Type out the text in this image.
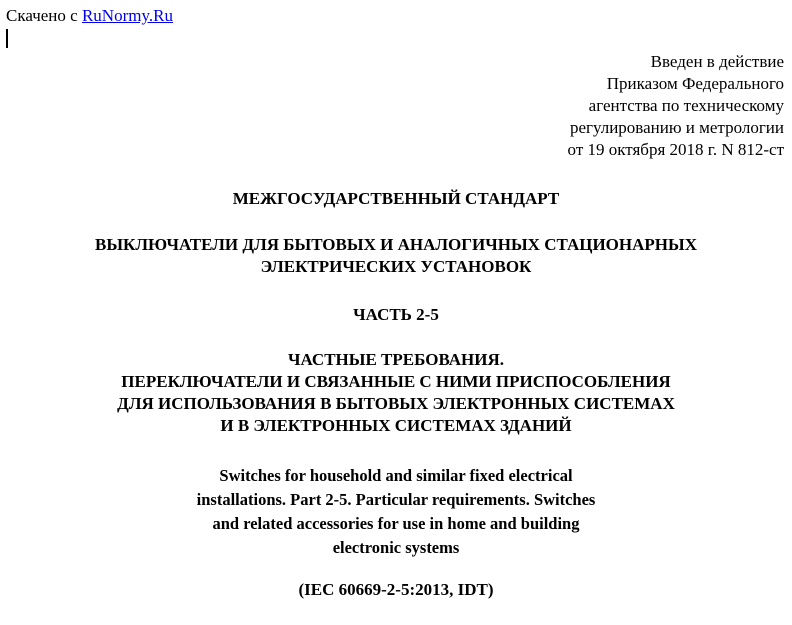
Скачено с RuNormy.Ru
Введен в действие
Приказом Федерального
агентства по техническому
регулированию и метрологии
от 19 октября 2018 г. N 812-ст
МЕЖГОСУДАРСТВЕННЫЙ СТАНДАРТ
ВЫКЛЮЧАТЕЛИ ДЛЯ БЫТОВЫХ И АНАЛОГИЧНЫХ СТАЦИОНАРНЫХ
ЭЛЕКТРИЧЕСКИХ УСТАНОВОК
ЧАСТЬ 2-5
ЧАСТНЫЕ ТРЕБОВАНИЯ.
ПЕРЕКЛЮЧАТЕЛИ И СВЯЗАННЫЕ С НИМИ ПРИСПОСОБЛЕНИЯ
ДЛЯ ИСПОЛЬЗОВАНИЯ В БЫТОВЫХ ЭЛЕКТРОННЫХ СИСТЕМАХ
И В ЭЛЕКТРОННЫХ СИСТЕМАХ ЗДАНИЙ
Switches for household and similar fixed electrical
installations. Part 2-5. Particular requirements. Switches
and related accessories for use in home and building
electronic systems
(IEC 60669-2-5:2013, IDT)
